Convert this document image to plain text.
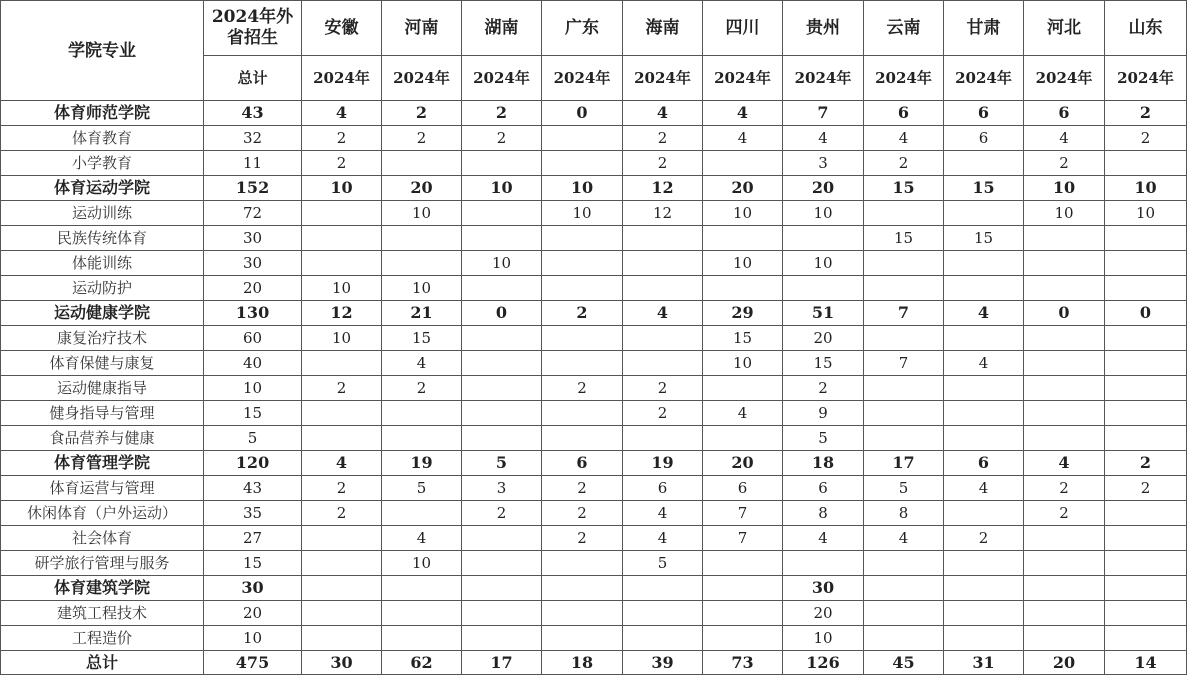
学院专业	2024年外省招生	安徽	河南	湖南	广东	海南	四川	贵州	云南	甘肃	河北	山东
	总计	2024年	2024年	2024年	2024年	2024年	2024年	2024年	2024年	2024年	2024年	2024年
体育师范学院	43	4	2	2	0	4	4	7	6	6	6	2
体育教育	32	2	2	2		2	4	4	4	6	4	2
小学教育	11	2				2		3	2		2	
体育运动学院	152	10	20	10	10	12	20	20	15	15	10	10
运动训练	72		10		10	12	10	10			10	10
民族传统体育	30								15	15		
体能训练	30			10			10	10				
运动防护	20	10	10									
运动健康学院	130	12	21	0	2	4	29	51	7	4	0	0
康复治疗技术	60	10	15				15	20				
体育保健与康复	40		4				10	15	7	4		
运动健康指导	10	2	2		2	2		2				
健身指导与管理	15					2	4	9				
食品营养与健康	5							5				
体育管理学院	120	4	19	5	6	19	20	18	17	6	4	2
体育运营与管理	43	2	5	3	2	6	6	6	5	4	2	2
休闲体育（户外运动）	35	2		2	2	4	7	8	8		2	
社会体育	27		4		2	4	7	4	4	2		
研学旅行管理与服务	15		10			5						
体育建筑学院	30							30				
建筑工程技术	20							20				
工程造价	10							10				
总计	475	30	62	17	18	39	73	126	45	31	20	14
